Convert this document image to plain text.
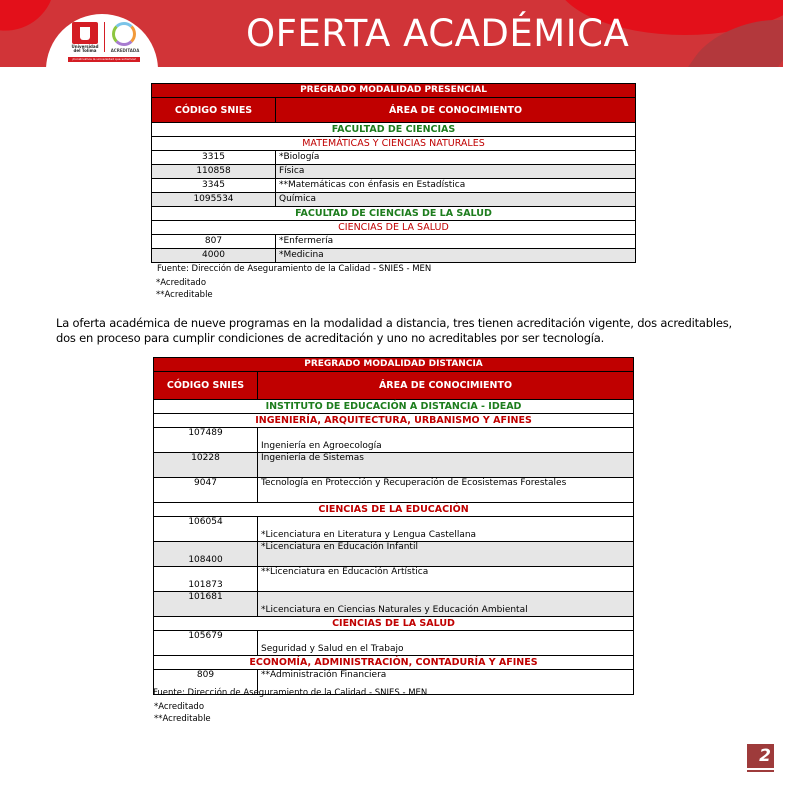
Universidad del Tolima	ACREDITADA
¡Construimos la universidad que soñamos!
OFERTA ACADÉMICA
PREGRADO MODALIDAD PRESENCIAL	
CÓDIGO SNIES	ÁREA DE CONOCIMIENTO
FACULTAD DE CIENCIAS	
MATEMÁTICAS Y CIENCIAS NATURALES	
3315	*Biología
110858	Física
3345	**Matemáticas con énfasis en Estadística
1095534	Química
FACULTAD DE CIENCIAS DE LA SALUD	
CIENCIAS DE LA SALUD	
807	*Enfermería
4000	*Medicina
Fuente: Dirección de Aseguramiento de la Calidad - SNIES - MEN
*Acreditado
**Acreditable
La oferta académica de nueve programas en la modalidad a distancia, tres tienen acreditación vigente, dos acreditables, dos en proceso para cumplir condiciones de acreditación y uno no acreditables por ser tecnología.
PREGRADO MODALIDAD DISTANCIA	
CÓDIGO SNIES	ÁREA DE CONOCIMIENTO
INSTITUTO DE EDUCACIÓN A DISTANCIA - IDEAD	
INGENIERÍA, ARQUITECTURA, URBANISMO Y AFINES	
107489	Ingeniería en Agroecología
10228	Ingeniería de Sistemas
9047	Tecnología en Protección y Recuperación de Ecosistemas Forestales
CIENCIAS DE LA EDUCACIÓN	
106054	*Licenciatura en Literatura y Lengua Castellana
108400	*Licenciatura en Educación Infantil
101873	**Licenciatura en Educación Artística
101681	*Licenciatura en Ciencias Naturales y Educación Ambiental
CIENCIAS DE LA SALUD	
105679	Seguridad y Salud en el Trabajo
ECONOMÍA, ADMINISTRACIÓN, CONTADURÍA Y AFINES	
809	**Administración Financiera
Fuente: Dirección de Aseguramiento de la Calidad - SNIES - MEN
*Acreditado
**Acreditable
2
